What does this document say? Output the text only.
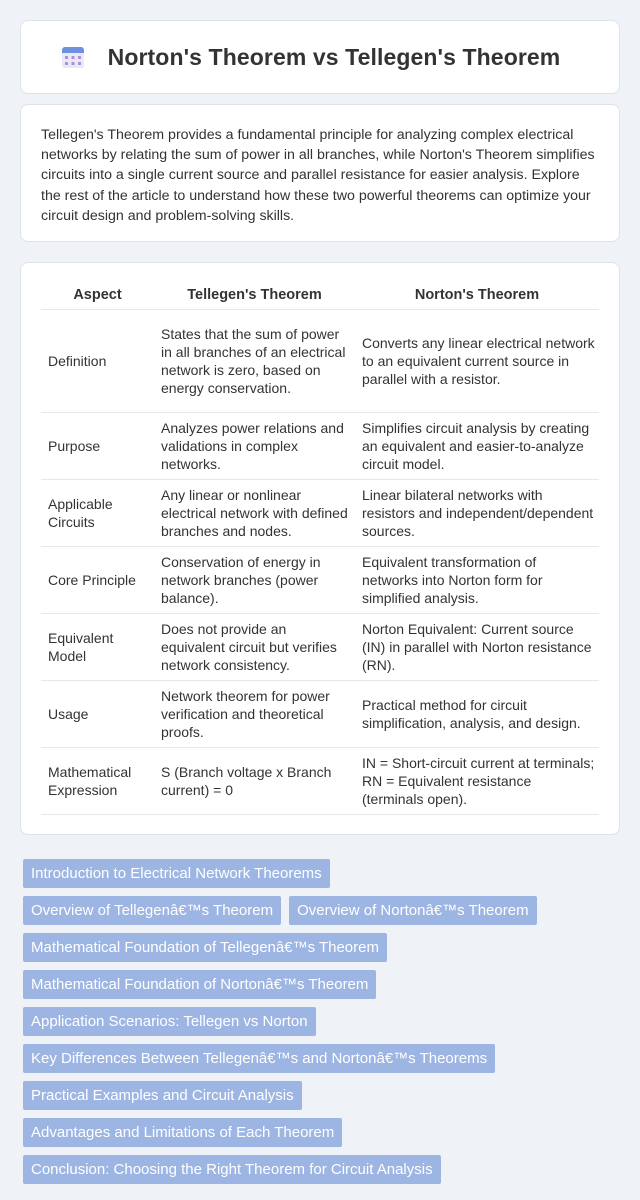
Norton's Theorem vs Tellegen's Theorem

Tellegen's Theorem provides a fundamental principle for analyzing complex electrical networks by relating the sum of power in all branches, while Norton's Theorem simplifies circuits into a single current source and parallel resistance for easier analysis. Explore the rest of the article to understand how these two powerful theorems can optimize your circuit design and problem-solving skills.

Aspect	Tellegen's Theorem	Norton's Theorem
Definition	States that the sum of power in all branches of an electrical network is zero, based on energy conservation.	Converts any linear electrical network to an equivalent current source in parallel with a resistor.
Purpose	Analyzes power relations and validations in complex networks.	Simplifies circuit analysis by creating an equivalent and easier-to-analyze circuit model.
Applicable Circuits	Any linear or nonlinear electrical network with defined branches and nodes.	Linear bilateral networks with resistors and independent/dependent sources.
Core Principle	Conservation of energy in network branches (power balance).	Equivalent transformation of networks into Norton form for simplified analysis.
Equivalent Model	Does not provide an equivalent circuit but verifies network consistency.	Norton Equivalent: Current source (IN) in parallel with Norton resistance (RN).
Usage	Network theorem for power verification and theoretical proofs.	Practical method for circuit simplification, analysis, and design.
Mathematical Expression	S (Branch voltage x Branch current) = 0	IN = Short-circuit current at terminals; RN = Equivalent resistance (terminals open).
Introduction to Electrical Network Theorems
Overview of Tellegenâ€™s Theorem	Overview of Nortonâ€™s Theorem
Mathematical Foundation of Tellegenâ€™s Theorem
Mathematical Foundation of Nortonâ€™s Theorem
Application Scenarios: Tellegen vs Norton
Key Differences Between Tellegenâ€™s and Nortonâ€™s Theorems
Practical Examples and Circuit Analysis
Advantages and Limitations of Each Theorem
Conclusion: Choosing the Right Theorem for Circuit Analysis
